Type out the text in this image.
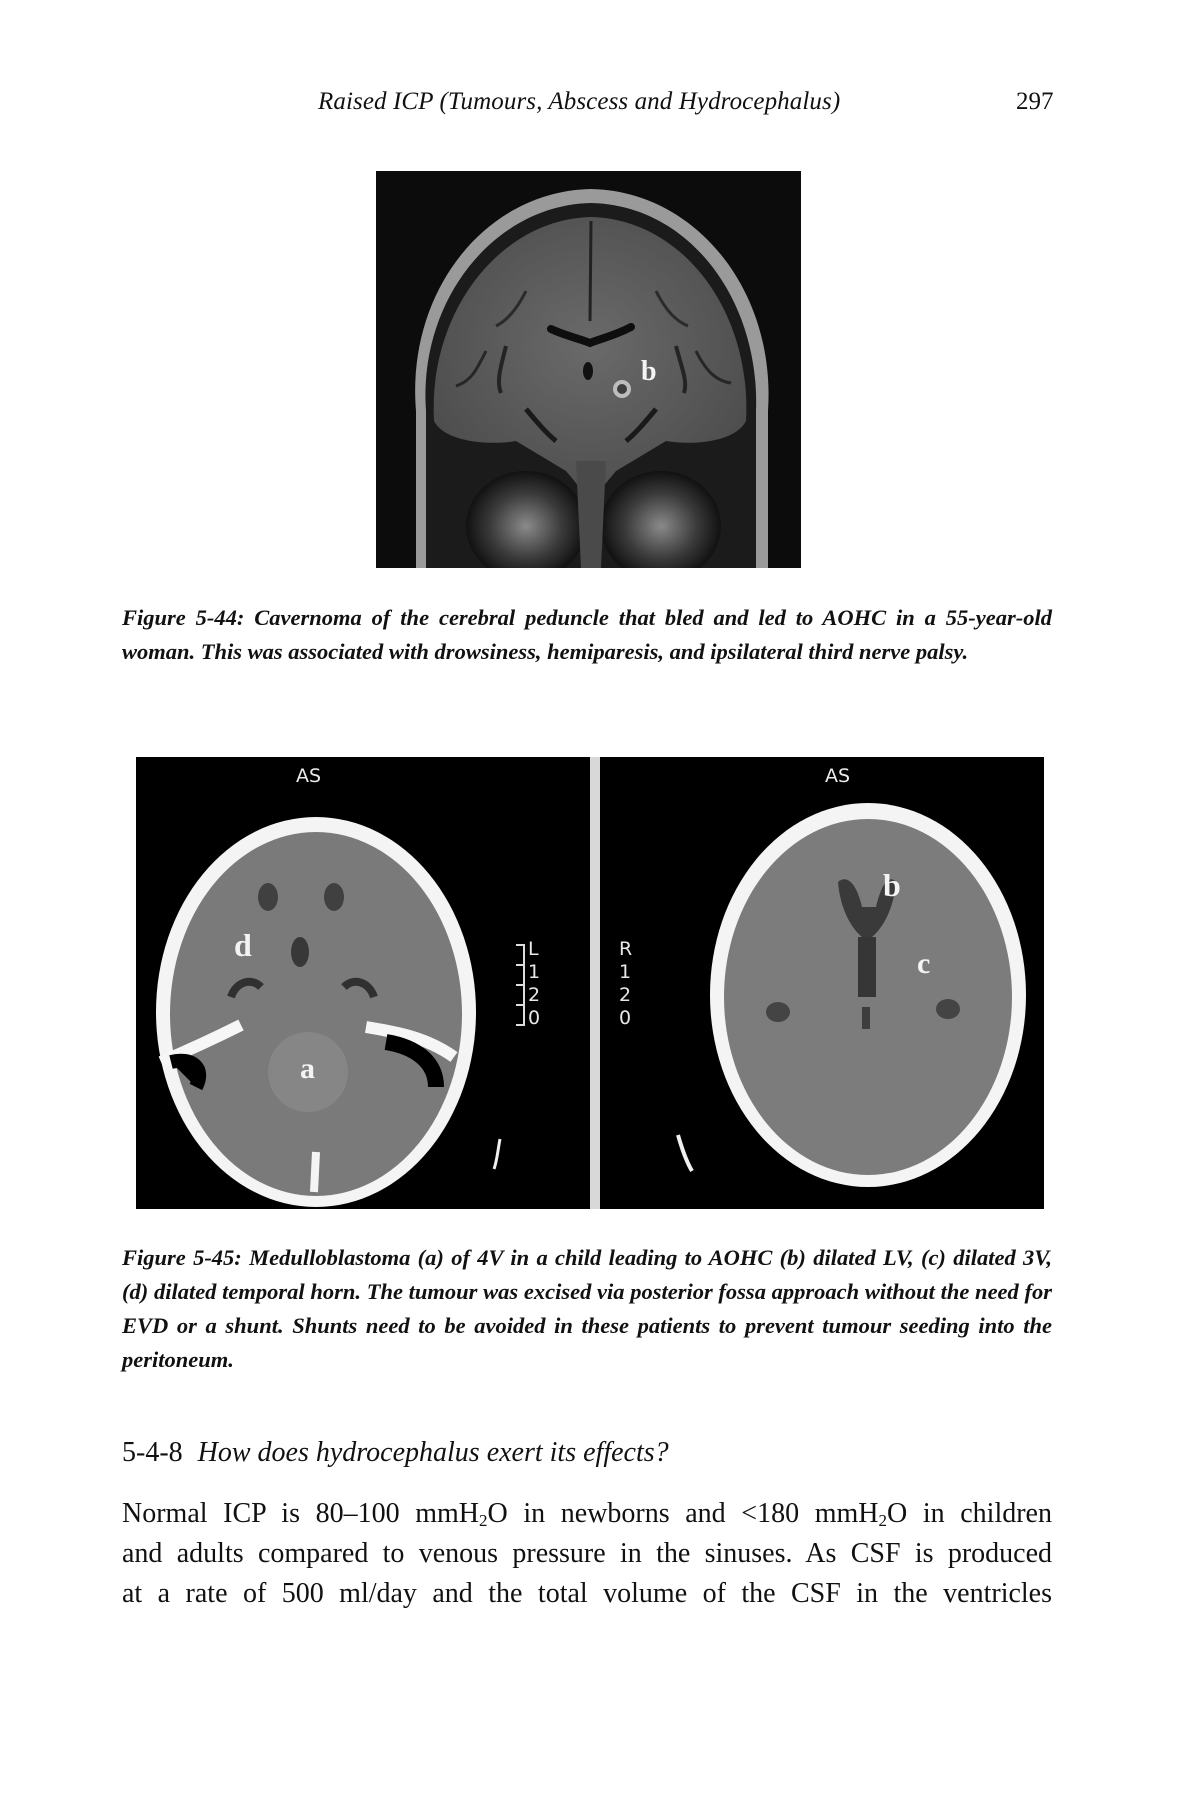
Raised ICP (Tumours, Abscess and Hydrocephalus)	297
b
Figure 5-44: Cavernoma of the cerebral peduncle that bled and led to AOHC in a 55-year-old woman. This was associated with drowsiness, hemiparesis, and ipsilateral third nerve palsy.
AS
d
a
L
1
2
0
AS
b
c
R
1
2
0
Figure 5-45: Medulloblastoma (a) of 4V in a child leading to AOHC (b) dilated LV, (c) dilated 3V, (d) dilated temporal horn. The tumour was excised via posterior fossa approach without the need for EVD or a shunt. Shunts need to be avoided in these patients to prevent tumour seeding into the peritoneum.
5-4-8 How does hydrocephalus exert its effects?
Normal ICP is 80–100 mmH$_2$O in newborns and <180 mmH$_2$O in children
and adults compared to venous pressure in the sinuses. As CSF is produced
at a rate of 500 ml/day and the total volume of the CSF in the ventricles
